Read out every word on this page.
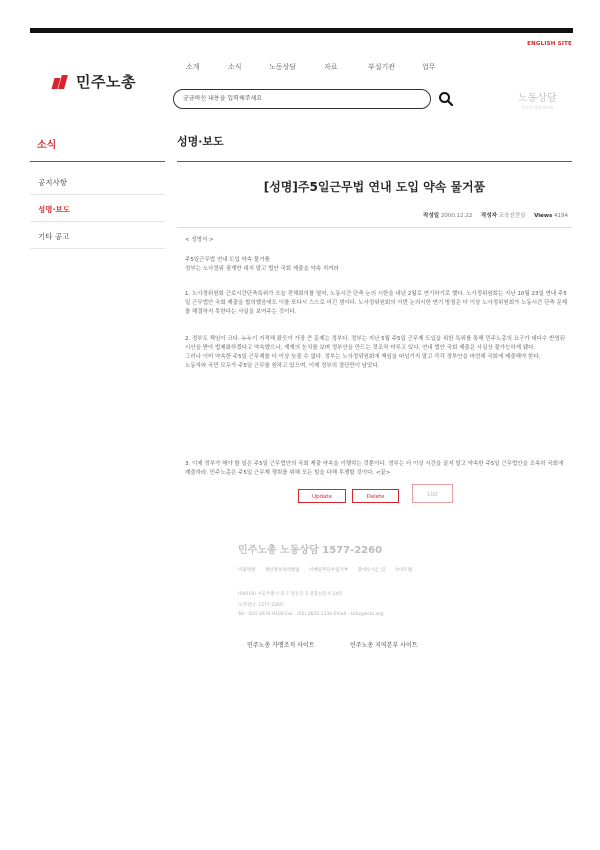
ENGLISH SITE
민주노총
소개	소식	노동상담	자료	부설기관	업무
궁금하신 내용을 입력해주세요
노동상담
온라인 상담게시판
소식
공지사항
성명·보도
기타 공고
성명·보도
[성명]주5일근무법 연내 도입 약속 물거품
작성일 2000.12.22 작성자 교육선전실 Views 4194
< 성명서 >
주5일근무법 연내 도입 약속 물거품
정부는 노사정위 핑계만 대지 말고 법안 국회 제출을 약속 지켜라
1. 노사정위원회 근로시간단축특위가 오늘 전체회의를 열어, 노동시간 단축 논의 시한을 내년 2월로 연기하기로 했다. 노사정위원회는 지난 10월 23일 연내 주5일 근무법안 국회 제출을 합의했음에도 이를 또다시 스스로 어긴 셈이다. 노사정위원회의 이번 논의시한 연기 방침은 더 이상 노사정위원회가 노동시간 단축 문제를 해결하지 못한다는 사실을 보여주는 것이다.
2. 정부도 책임이 크다. 누누이 지적해 왔듯이 가장 큰 문제는 정부다. 정부는 지난 5월 주5일 근무제 도입을 위한 특위를 통해 민주노총의 요구가 대다수 반영된 시안을 받아 법제화하겠다고 약속했으나, 재계의 눈치를 보며 정부안을 만드는 것조차 미루고 있다. 연내 법안 국회 제출은 사실상 불가능하게 됐다.
그러나 이미 약속한 주5일 근무제를 더 이상 늦출 수 없다. 정부는 노사정위원회에 책임을 떠넘기지 말고 즉각 정부안을 마련해 국회에 제출해야 한다.
노동자와 국민 모두가 주5일 근무를 원하고 있으며, 이제 정부의 결단만이 남았다.
3. 이제 정부가 해야 할 일은 주5일 근무법안의 국회 제출 약속을 이행하는 것뿐이다. 정부는 더 이상 시간을 끌지 말고 약속한 주5일 근무법안을 조속히 국회에 제출하라. 민주노총은 주5일 근무제 쟁취를 위해 모든 힘을 다해 투쟁할 것이다. <끝>
Update	Delete	List
민주노총 노동상담 1577-2260
이용약관 개인정보처리방침 이메일무단수집거부 찾아오시는 길 사이트맵
(04519) 서울특별시 중구 정동길 3 경향신문사 14층
고객센터: 1577-2260
Tel : (02) 2670-9100 Fax : (02) 2635-1134 Email : kctu@kctu.org
민주노총 가맹조직 사이트	민주노총 지역본부 사이트
